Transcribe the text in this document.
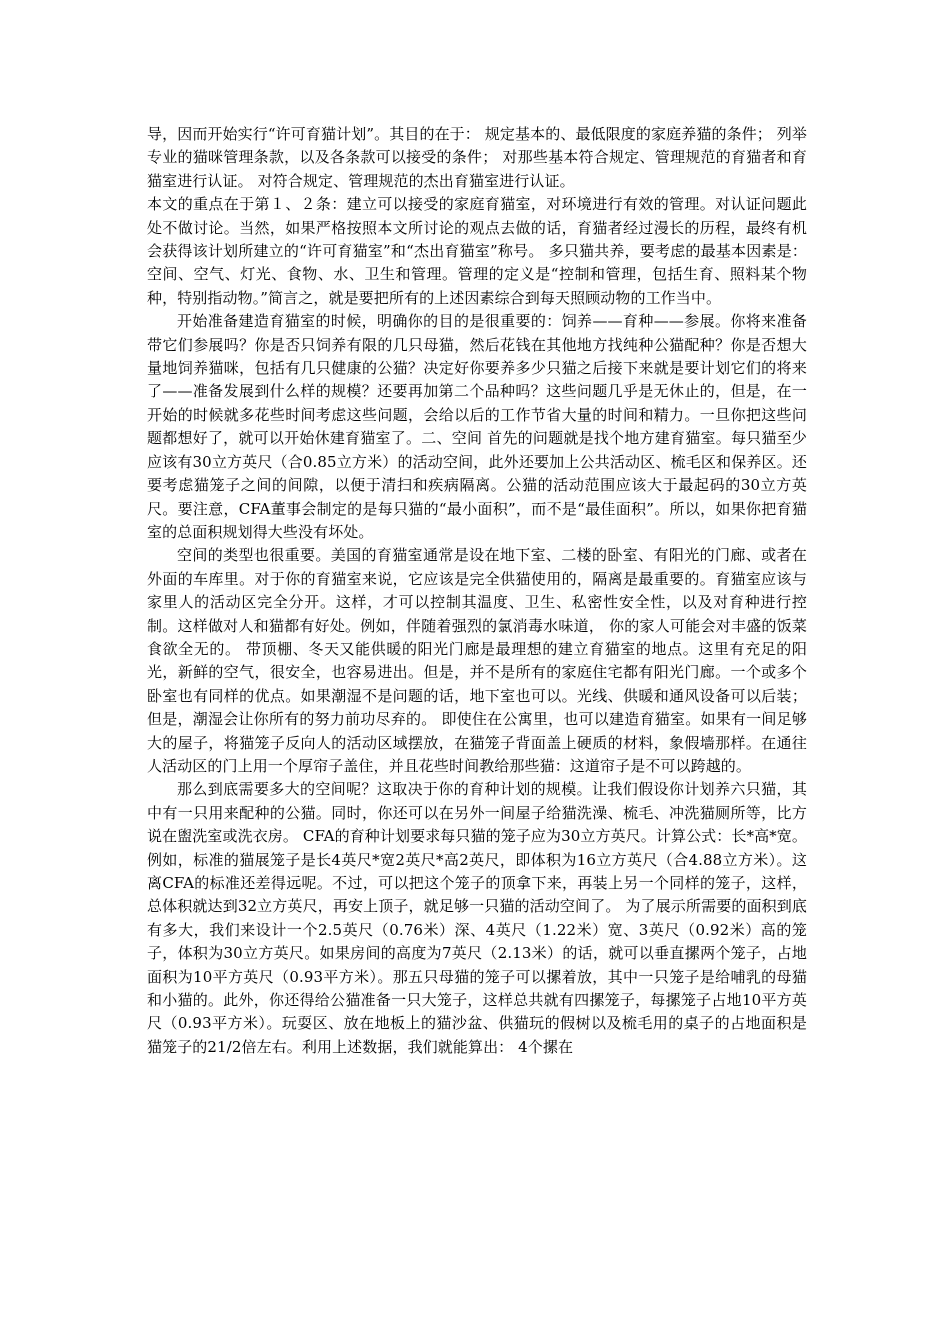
导，因而开始实行“许可育猫计划”。其目的在于： 规定基本的、最低限度的家庭养猫的条件； 列举专业的猫咪管理条款，以及各条款可以接受的条件； 对那些基本符合规定、管理规范的育猫者和育猫室进行认证。 对符合规定、管理规范的杰出育猫室进行认证。

本文的重点在于第１、２条：建立可以接受的家庭育猫室，对环境进行有效的管理。对认证问题此处不做讨论。当然，如果严格按照本文所讨论的观点去做的话，育猫者经过漫长的历程，最终有机会获得该计划所建立的“许可育猫室”和“杰出育猫室”称号。 多只猫共养，要考虑的最基本因素是：空间、空气、灯光、食物、水、卫生和管理。管理的定义是“控制和管理，包括生育、照料某个物种，特别指动物。”简言之，就是要把所有的上述因素综合到每天照顾动物的工作当中。

开始准备建造育猫室的时候，明确你的目的是很重要的：饲养——育种——参展。你将来准备带它们参展吗？你是否只饲养有限的几只母猫，然后花钱在其他地方找纯种公猫配种？你是否想大量地饲养猫咪，包括有几只健康的公猫？决定好你要养多少只猫之后接下来就是要计划它们的将来了——准备发展到什么样的规模？还要再加第二个品种吗？这些问题几乎是无休止的，但是，在一开始的时候就多花些时间考虑这些问题，会给以后的工作节省大量的时间和精力。一旦你把这些问题都想好了，就可以开始休建育猫室了。二、空间 首先的问题就是找个地方建育猫室。每只猫至少应该有30立方英尺（合0.85立方米）的活动空间，此外还要加上公共活动区、梳毛区和保养区。还要考虑猫笼子之间的间隙，以便于清扫和疾病隔离。公猫的活动范围应该大于最起码的30立方英尺。要注意，CFA董事会制定的是每只猫的“最小面积”，而不是“最佳面积”。所以，如果你把育猫室的总面积规划得大些没有坏处。

空间的类型也很重要。美国的育猫室通常是设在地下室、二楼的卧室、有阳光的门廊、或者在外面的车库里。对于你的育猫室来说，它应该是完全供猫使用的，隔离是最重要的。育猫室应该与家里人的活动区完全分开。这样，才可以控制其温度、卫生、私密性安全性，以及对育种进行控制。这样做对人和猫都有好处。例如，伴随着强烈的氯消毒水味道， 你的家人可能会对丰盛的饭菜食欲全无的。 带顶棚、冬天又能供暖的阳光门廊是最理想的建立育猫室的地点。这里有充足的阳光，新鲜的空气，很安全，也容易进出。但是，并不是所有的家庭住宅都有阳光门廊。一个或多个卧室也有同样的优点。如果潮湿不是问题的话，地下室也可以。光线、供暖和通风设备可以后装；但是，潮湿会让你所有的努力前功尽弃的。 即使住在公寓里，也可以建造育猫室。如果有一间足够大的屋子，将猫笼子反向人的活动区域摆放，在猫笼子背面盖上硬质的材料，象假墙那样。在通往人活动区的门上用一个厚帘子盖住，并且花些时间教给那些猫：这道帘子是不可以跨越的。

那么到底需要多大的空间呢？这取决于你的育种计划的规模。让我们假设你计划养六只猫，其中有一只用来配种的公猫。同时，你还可以在另外一间屋子给猫洗澡、梳毛、冲洗猫厕所等，比方说在盥洗室或洗衣房。 CFA的育种计划要求每只猫的笼子应为30立方英尺。计算公式：长*高*宽。例如，标准的猫展笼子是长4英尺*宽2英尺*高2英尺，即体积为16立方英尺（合4.88立方米）。这离CFA的标准还差得远呢。不过，可以把这个笼子的顶拿下来，再装上另一个同样的笼子，这样，总体积就达到32立方英尺，再安上顶子，就足够一只猫的活动空间了。 为了展示所需要的面积到底有多大，我们来设计一个2.5英尺（0.76米）深、4英尺（1.22米）宽、3英尺（0.92米）高的笼子，体积为30立方英尺。如果房间的高度为7英尺（2.13米）的话，就可以垂直摞两个笼子，占地面积为10平方英尺（0.93平方米）。那五只母猫的笼子可以摞着放，其中一只笼子是给哺乳的母猫和小猫的。此外，你还得给公猫准备一只大笼子，这样总共就有四摞笼子，每摞笼子占地10平方英尺（0.93平方米）。玩耍区、放在地板上的猫沙盆、供猫玩的假树以及梳毛用的桌子的占地面积是猫笼子的21/2倍左右。利用上述数据，我们就能算出： 4个摞在
